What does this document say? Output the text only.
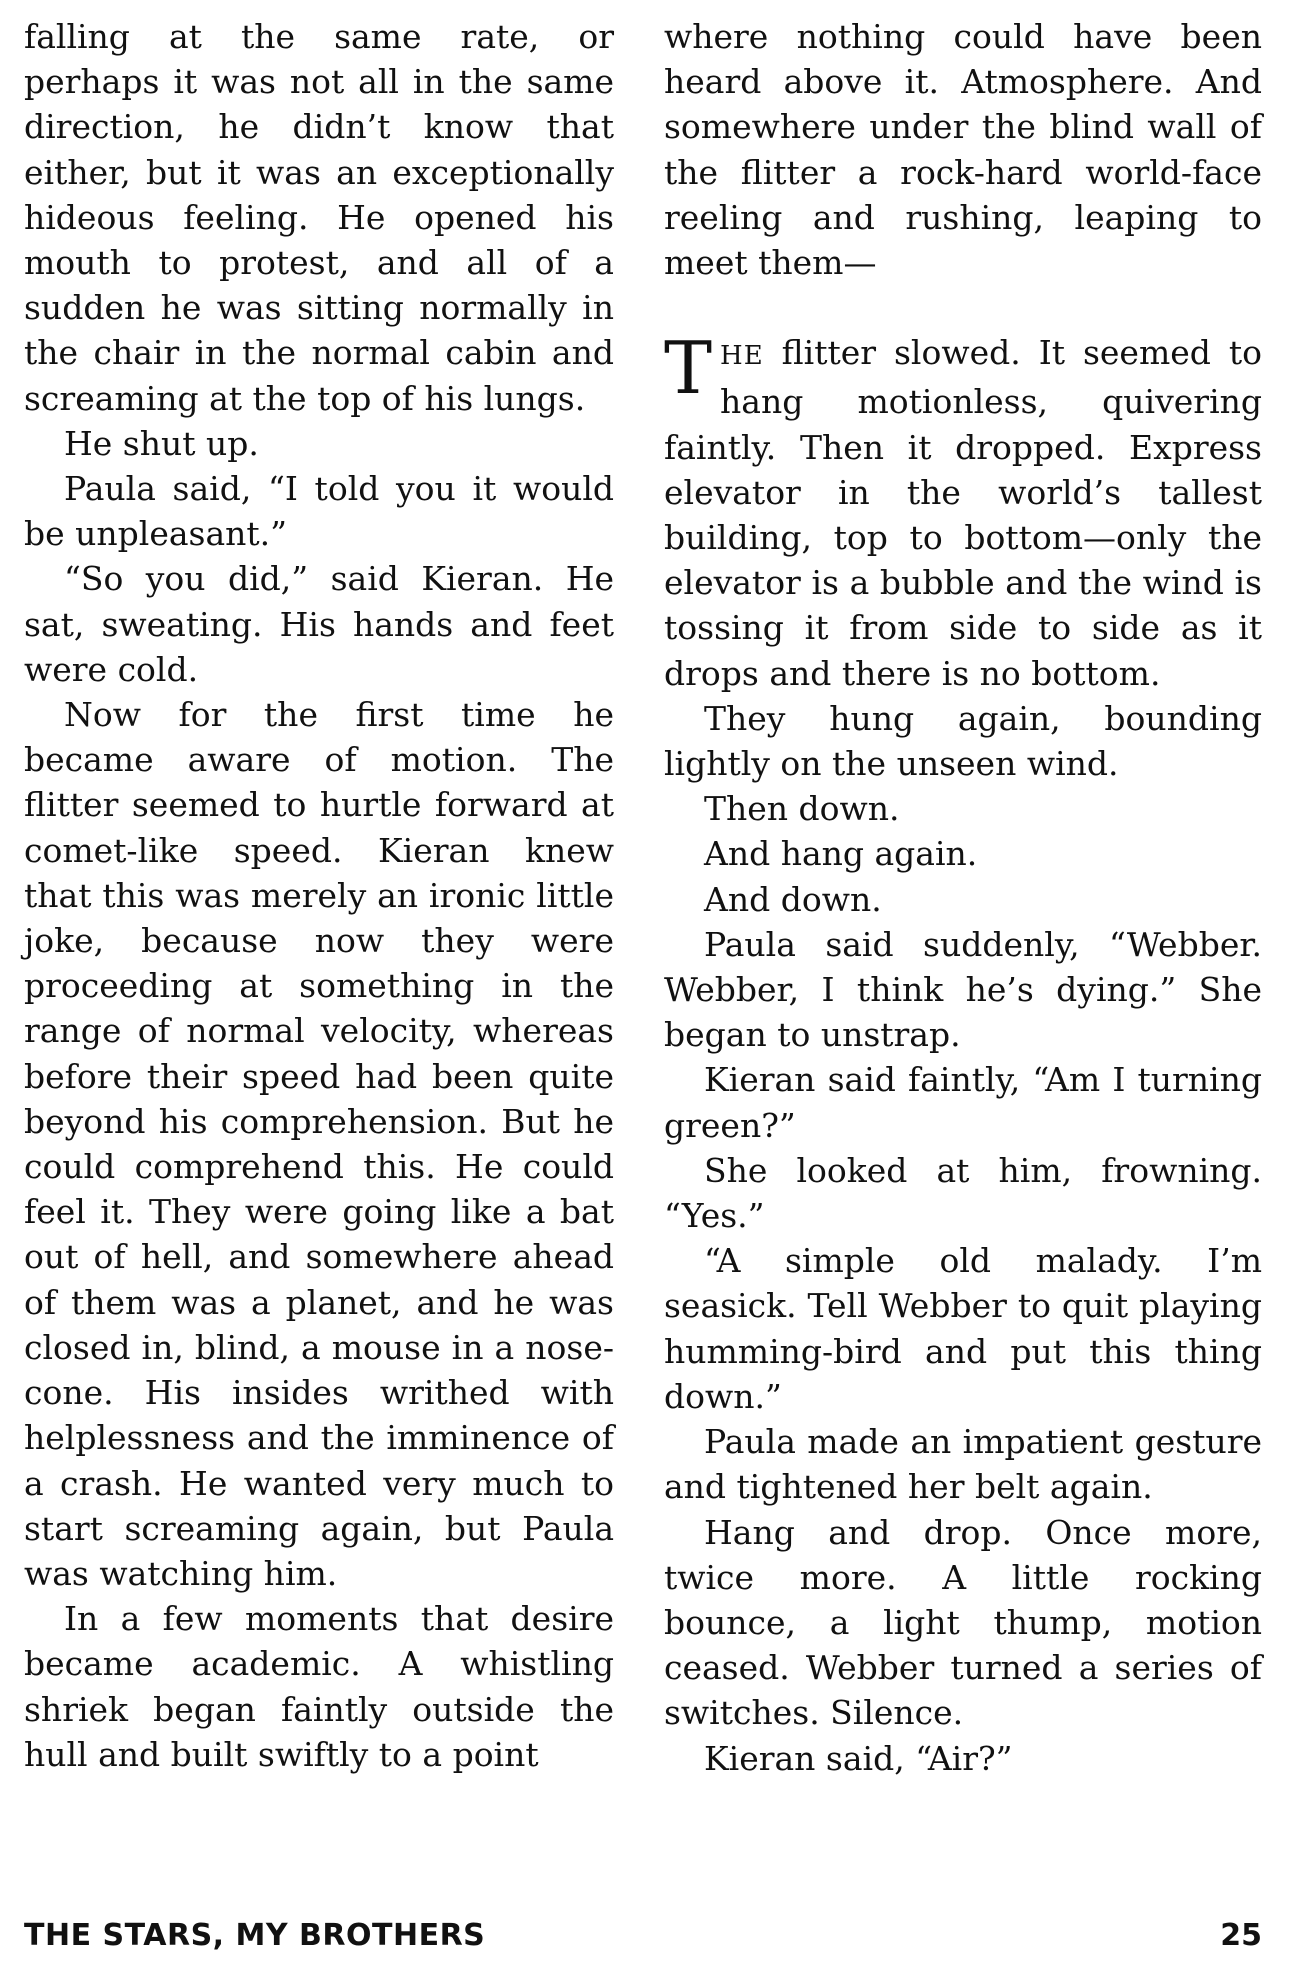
falling at the same rate, or perhaps it was not all in the same direction, he didn’t know that either, but it was an exceptionally hideous feeling. He opened his mouth to protest, and all of a sudden he was sitting normally in the chair in the normal cabin and screaming at the top of his lungs.

He shut up.

Paula said, “I told you it would be unpleasant.”

“So you did,” said Kieran. He sat, sweating. His hands and feet were cold.

Now for the first time he became aware of motion. The flitter seemed to hurtle forward at comet-like speed. Kieran knew that this was merely an ironic little joke, because now they were proceeding at something in the range of normal velocity, whereas before their speed had been quite beyond his comprehension. But he could comprehend this. He could feel it. They were going like a bat out of hell, and somewhere ahead of them was a planet, and he was closed in, blind, a mouse in a nose-cone. His insides writhed with helplessness and the imminence of a crash. He wanted very much to start screaming again, but Paula was watching him.

In a few moments that desire became academic. A whistling shriek began faintly outside the hull and built swiftly to a point

where nothing could have been heard above it. Atmosphere. And somewhere under the blind wall of the flitter a rock-hard world-face reeling and rushing, leaping to meet them—

THE flitter slowed. It seemed to hang motionless, quivering faintly. Then it dropped. Express elevator in the world’s tallest building, top to bottom—only the elevator is a bubble and the wind is tossing it from side to side as it drops and there is no bottom.

They hung again, bounding lightly on the unseen wind.

Then down.

And hang again.

And down.

Paula said suddenly, “Webber. Webber, I think he’s dying.” She began to unstrap.

Kieran said faintly, “Am I turning green?”

She looked at him, frowning. “Yes.”

“A simple old malady. I’m seasick. Tell Webber to quit playing humming-bird and put this thing down.”

Paula made an impatient gesture and tightened her belt again.

Hang and drop. Once more, twice more. A little rocking bounce, a light thump, motion ceased. Webber turned a series of switches. Silence.

Kieran said, “Air?”

THE STARS, MY BROTHERS	25
